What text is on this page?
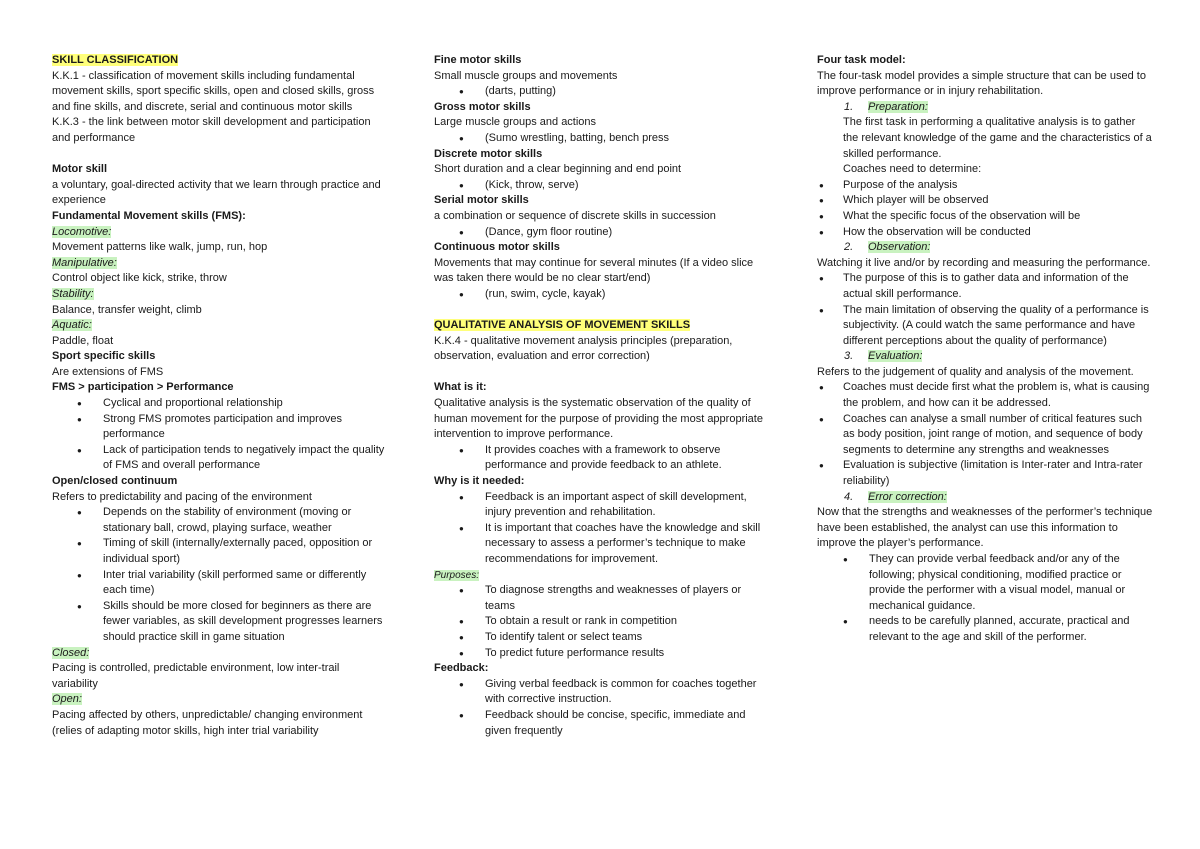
SKILL CLASSIFICATION

K.K.1 - classification of movement skills including fundamental movement skills, sport specific skills, open and closed skills, gross and fine skills, and discrete, serial and continuous motor skills

K.K.3 - the link between motor skill development and participation and performance

Motor skill

a voluntary, goal-directed activity that we learn through practice and experience

Fundamental Movement skills (FMS):

Locomotive:

Movement patterns like walk, jump, run, hop

Manipulative:

Control object like kick, strike, throw

Stability:

Balance, transfer weight, climb

Aquatic:

Paddle, float

Sport specific skills

Are extensions of FMS

FMS > participation > Performance

● Cyclical and proportional relationship
● Strong FMS promotes participation and improves performance
● Lack of participation tends to negatively impact the quality of FMS and overall performance

Open/closed continuum

Refers to predictability and pacing of the environment

● Depends on the stability of environment (moving or stationary ball, crowd, playing surface, weather
● Timing of skill (internally/externally paced, opposition or individual sport)
● Inter trial variability (skill performed same or differently each time)
● Skills should be more closed for beginners as there are fewer variables, as skill development progresses learners should practice skill in game situation

Closed:

Pacing is controlled, predictable environment, low inter-trail variability

Open:

Pacing affected by others, unpredictable/ changing environment (relies of adapting motor skills, high inter trial variability

Fine motor skills

Small muscle groups and movements

● (darts, putting)

Gross motor skills

Large muscle groups and actions

● (Sumo wrestling, batting, bench press

Discrete motor skills

Short duration and a clear beginning and end point

● (Kick, throw, serve)

Serial motor skills

a combination or sequence of discrete skills in succession

● (Dance, gym floor routine)

Continuous motor skills

Movements that may continue for several minutes (If a video slice was taken there would be no clear start/end)

● (run, swim, cycle, kayak)

QUALITATIVE ANALYSIS OF MOVEMENT SKILLS

K.K.4 - qualitative movement analysis principles (preparation, observation, evaluation and error correction)

What is it:

Qualitative analysis is the systematic observation of the quality of human movement for the purpose of providing the most appropriate intervention to improve performance.

● It provides coaches with a framework to observe performance and provide feedback to an athlete.

Why is it needed:

● Feedback is an important aspect of skill development, injury prevention and rehabilitation.
● It is important that coaches have the knowledge and skill necessary to assess a performer’s technique to make recommendations for improvement.

Purposes:

● To diagnose strengths and weaknesses of players or teams
● To obtain a result or rank in competition
● To identify talent or select teams
● To predict future performance results

Feedback:

● Giving verbal feedback is common for coaches together with corrective instruction.
● Feedback should be concise, specific, immediate and given frequently

Four task model:

The four-task model provides a simple structure that can be used to improve performance or in injury rehabilitation.

1. Preparation:

The first task in performing a qualitative analysis is to gather the relevant knowledge of the game and the characteristics of a skilled performance.

Coaches need to determine:

● Purpose of the analysis
● Which player will be observed
● What the specific focus of the observation will be
● How the observation will be conducted

2. Observation:

Watching it live and/or by recording and measuring the performance.

● The purpose of this is to gather data and information of the actual skill performance.
● The main limitation of observing the quality of a performance is subjectivity. (A could watch the same performance and have different perceptions about the quality of performance)

3. Evaluation:

Refers to the judgement of quality and analysis of the movement.

● Coaches must decide first what the problem is, what is causing the problem, and how can it be addressed.
● Coaches can analyse a small number of critical features such as body position, joint range of motion, and sequence of body segments to determine any strengths and weaknesses
● Evaluation is subjective (limitation is Inter-rater and Intra-rater reliability)

4. Error correction:

Now that the strengths and weaknesses of the performer’s technique have been established, the analyst can use this information to improve the player’s performance.

● They can provide verbal feedback and/or any of the following; physical conditioning, modified practice or provide the performer with a visual model, manual or mechanical guidance.
● needs to be carefully planned, accurate, practical and relevant to the age and skill of the performer.
